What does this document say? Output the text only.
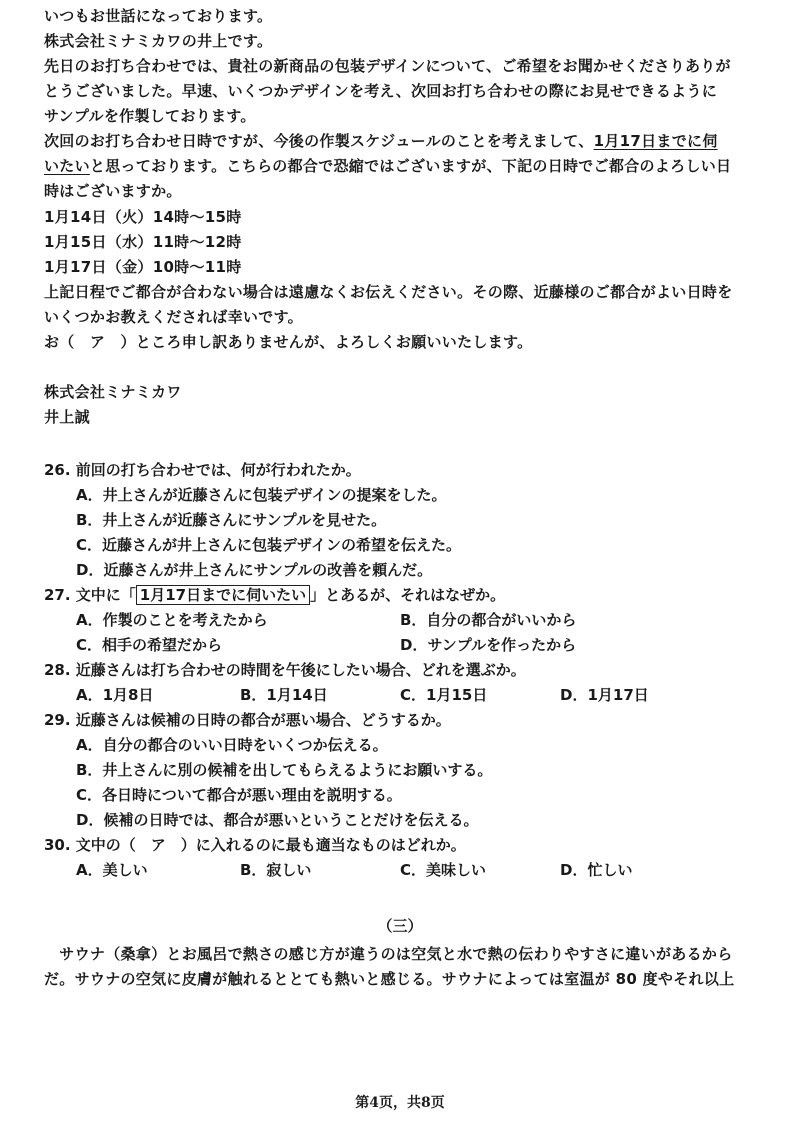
いつもお世話になっております。
株式会社ミナミカワの井上です。
先日のお打ち合わせでは、貴社の新商品の包装デザインについて、ご希望をお聞かせくださりありが
とうございました。早速、いくつかデザインを考え、次回お打ち合わせの際にお見せできるように
サンプルを作製しております。
次回のお打ち合わせ日時ですが、今後の作製スケジュールのことを考えまして、1月17日までに伺
いたいと思っております。こちらの都合で恐縮ではございますが、下記の日時でご都合のよろしい日
時はございますか。
1月14日（火）14時～15時
1月15日（水）11時～12時
1月17日（金）10時～11時
上記日程でご都合が合わない場合は遠慮なくお伝えください。その際、近藤様のご都合がよい日時を
いくつかお教えくだされば幸いです。
お（　ア　）ところ申し訳ありませんが、よろしくお願いいたします。
株式会社ミナミカワ
井上誠
26. 前回の打ち合わせでは、何が行われたか。
A．井上さんが近藤さんに包装デザインの提案をした。
B．井上さんが近藤さんにサンプルを見せた。
C．近藤さんが井上さんに包装デザインの希望を伝えた。
D．近藤さんが井上さんにサンプルの改善を頼んだ。
27. 文中に「 1月17日までに伺いたい 」とあるが、それはなぜか。
A．作製のことを考えたから	B．自分の都合がいいから
C．相手の希望だから	D．サンプルを作ったから
28. 近藤さんは打ち合わせの時間を午後にしたい場合、どれを選ぶか。
A．1月8日	B．1月14日	C．1月15日	D．1月17日
29. 近藤さんは候補の日時の都合が悪い場合、どうするか。
A．自分の都合のいい日時をいくつか伝える。
B．井上さんに別の候補を出してもらえるようにお願いする。
C．各日時について都合が悪い理由を説明する。
D．候補の日時では、都合が悪いということだけを伝える。
30. 文中の（　ア　）に入れるのに最も適当なものはどれか。
A．美しい	B．寂しい	C．美味しい	D．忙しい
（三）
　サウナ（桑拿）とお風呂で熱さの感じ方が違うのは空気と水で熱の伝わりやすさに違いがあるから
だ。サウナの空気に皮膚が触れるととても熱いと感じる。サウナによっては室温が 80 度やそれ以上
第4页，共8页
